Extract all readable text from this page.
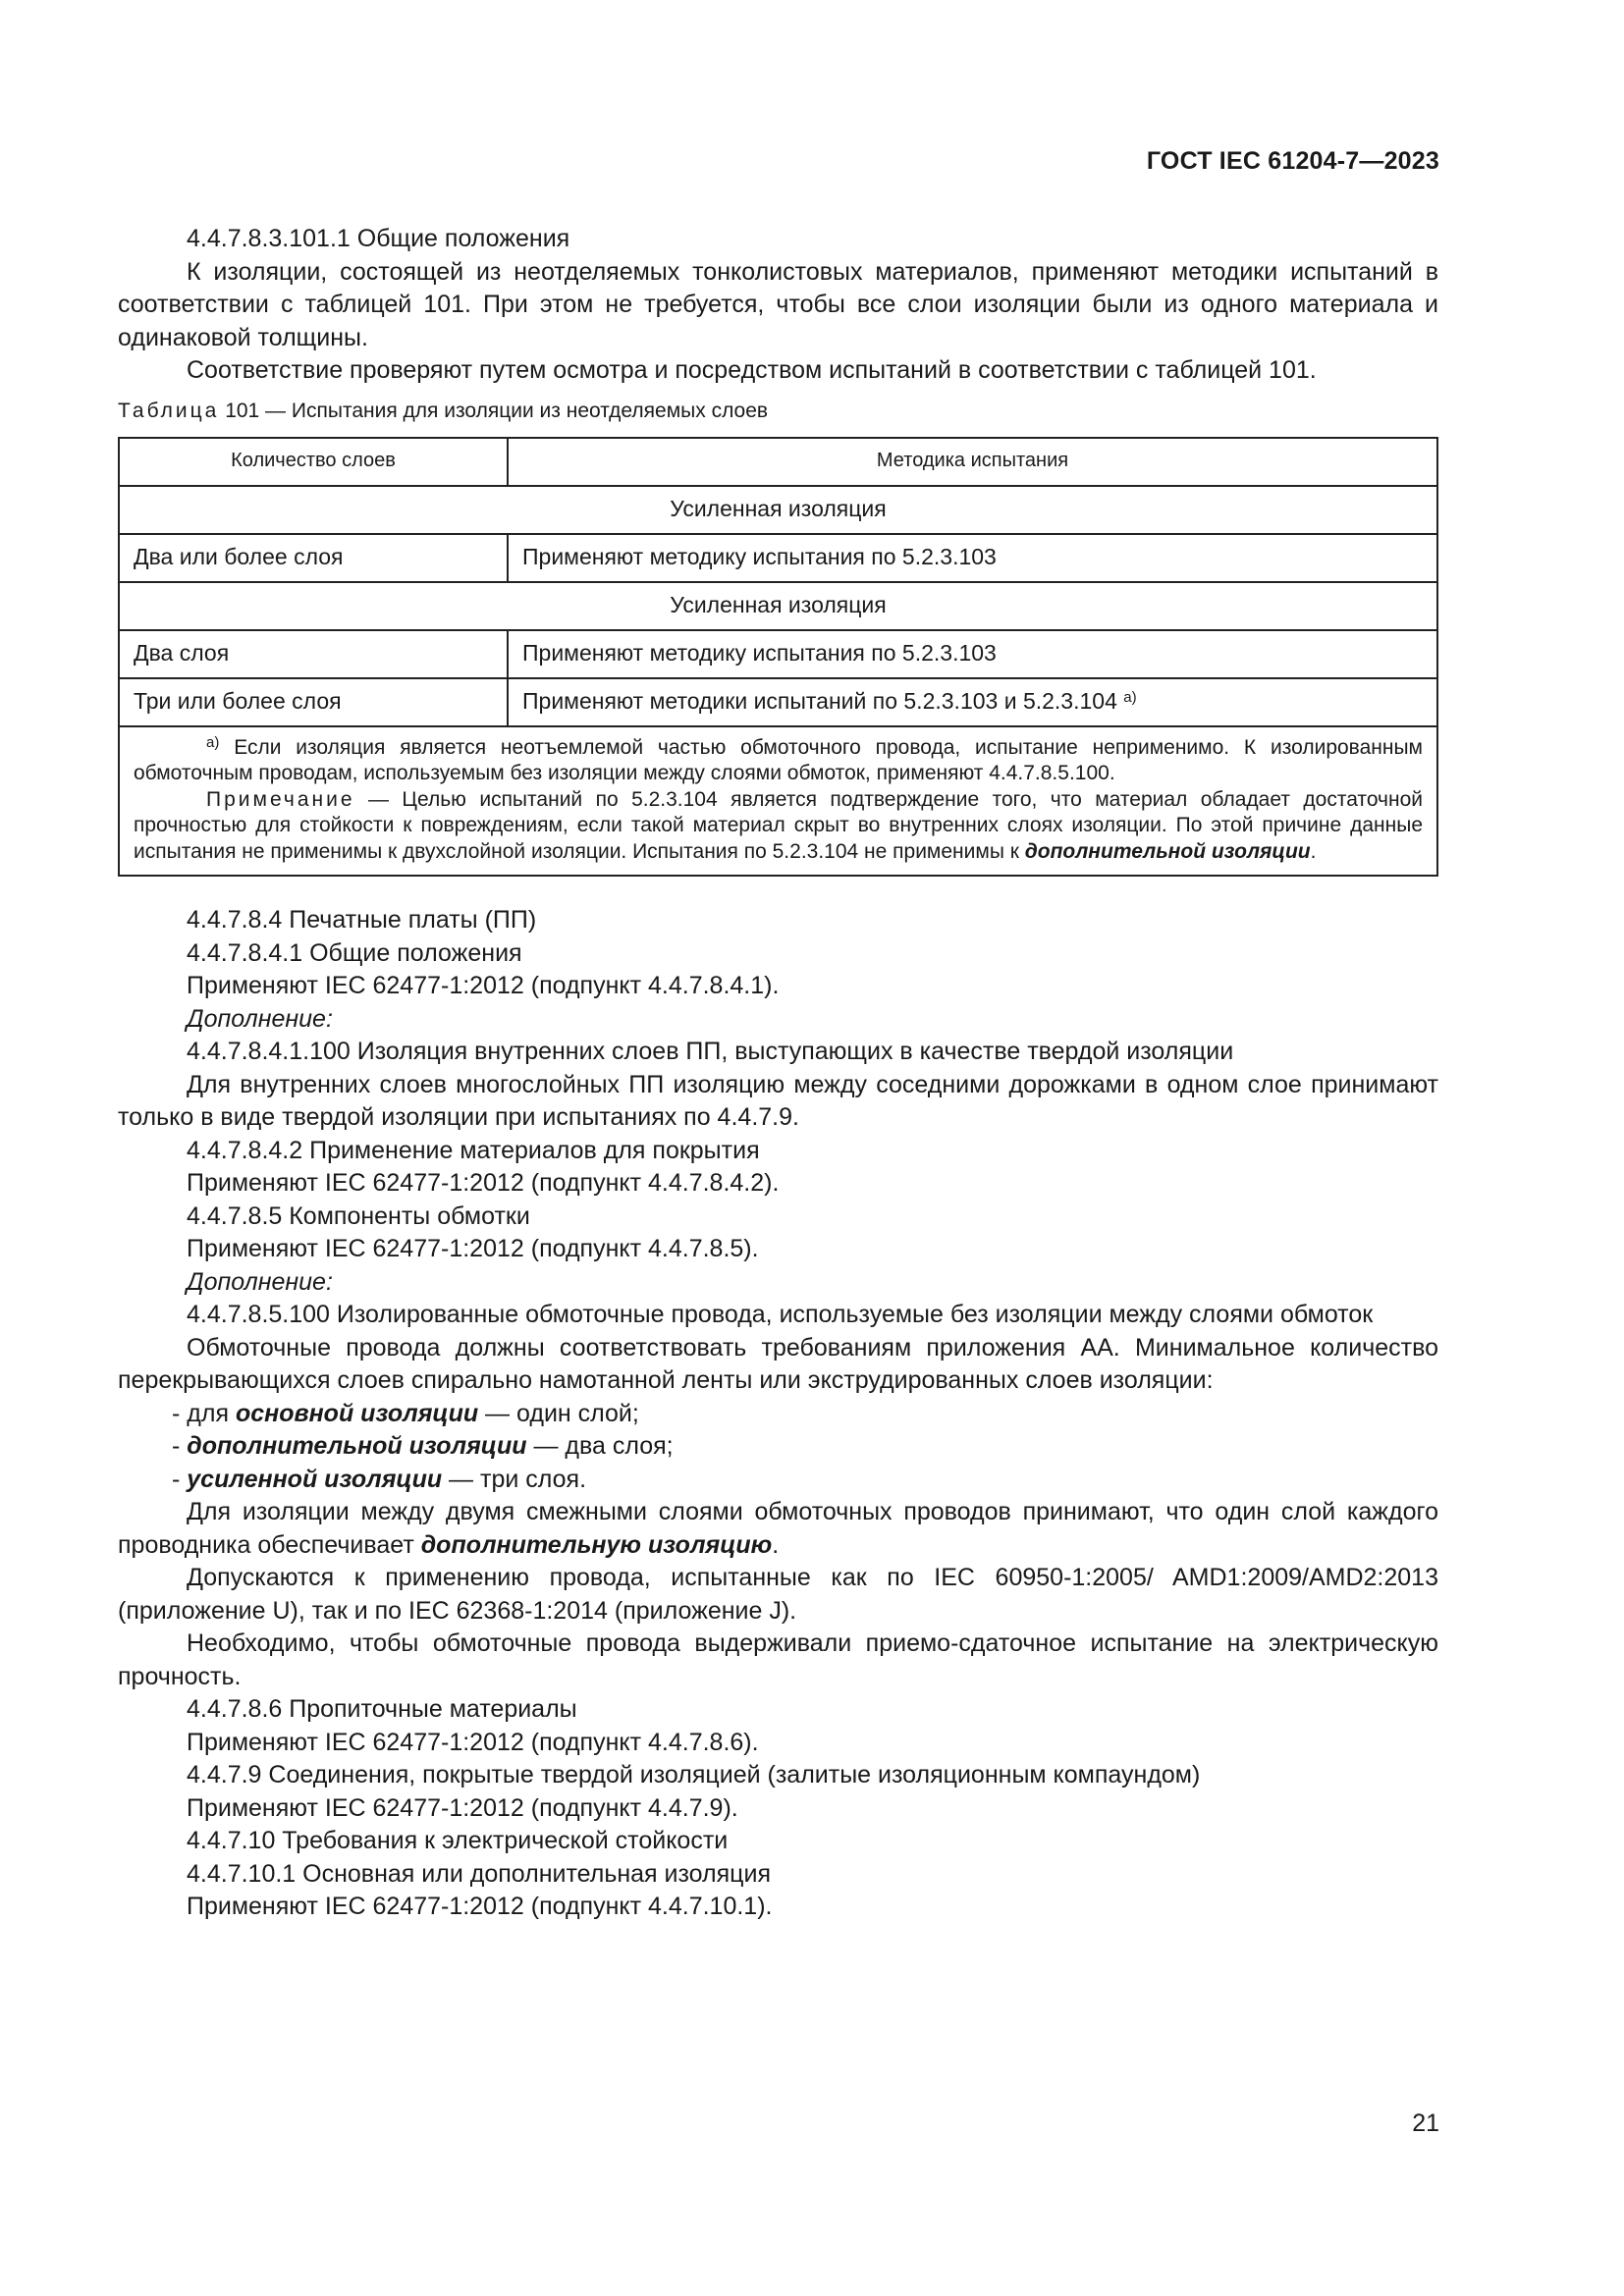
ГОСТ IEC 61204-7—2023

4.4.7.8.3.101.1 Общие положения

К изоляции, состоящей из неотделяемых тонколистовых материалов, применяют методики испытаний в соответствии с таблицей 101. При этом не требуется, чтобы все слои изоляции были из одного материала и одинаковой толщины.

Соответствие проверяют путем осмотра и посредством испытаний в соответствии с таблицей 101.

Таблица 101 — Испытания для изоляции из неотделяемых слоев

Количество слоев	Методика испытания
Усиленная изоляция	
Два или более слоя	Применяют методику испытания по 5.2.3.103
Усиленная изоляция	
Два слоя	Применяют методику испытания по 5.2.3.103
Три или более слоя	Применяют методики испытаний по 5.2.3.103 и 5.2.3.104 $^{а)}$

$^{а)}$ Если изоляция является неотъемлемой частью обмоточного провода, испытание неприменимо. К изолированным обмоточным проводам, используемым без изоляции между слоями обмоток, применяют 4.4.7.8.5.100.

Примечание — Целью испытаний по 5.2.3.104 является подтверждение того, что материал обладает достаточной прочностью для стойкости к повреждениям, если такой материал скрыт во внутренних слоях изоляции. По этой причине данные испытания не применимы к двухслойной изоляции. Испытания по 5.2.3.104 не применимы к дополнительной изоляции.	

4.4.7.8.4 Печатные платы (ПП)

4.4.7.8.4.1 Общие положения

Применяют IEC 62477-1:2012 (подпункт 4.4.7.8.4.1).

Дополнение:

4.4.7.8.4.1.100 Изоляция внутренних слоев ПП, выступающих в качестве твердой изоляции

Для внутренних слоев многослойных ПП изоляцию между соседними дорожками в одном слое принимают только в виде твердой изоляции при испытаниях по 4.4.7.9.

4.4.7.8.4.2 Применение материалов для покрытия

Применяют IEC 62477-1:2012 (подпункт 4.4.7.8.4.2).

4.4.7.8.5 Компоненты обмотки

Применяют IEC 62477-1:2012 (подпункт 4.4.7.8.5).

Дополнение:

4.4.7.8.5.100 Изолированные обмоточные провода, используемые без изоляции между слоями обмоток

Обмоточные провода должны соответствовать требованиям приложения АА. Минимальное количество перекрывающихся слоев спирально намотанной ленты или экструдированных слоев изоляции:

- для основной изоляции — один слой;

- дополнительной изоляции — два слоя;

- усиленной изоляции — три слоя.

Для изоляции между двумя смежными слоями обмоточных проводов принимают, что один слой каждого проводника обеспечивает дополнительную изоляцию.

Допускаются к применению провода, испытанные как по IEC 60950-1:2005/ AMD1:2009/AMD2:2013 (приложение U), так и по IEC 62368-1:2014 (приложение J).

Необходимо, чтобы обмоточные провода выдерживали приемо-сдаточное испытание на электрическую прочность.

4.4.7.8.6 Пропиточные материалы

Применяют IEC 62477-1:2012 (подпункт 4.4.7.8.6).

4.4.7.9 Соединения, покрытые твердой изоляцией (залитые изоляционным компаундом)

Применяют IEC 62477-1:2012 (подпункт 4.4.7.9).

4.4.7.10 Требования к электрической стойкости

4.4.7.10.1 Основная или дополнительная изоляция

Применяют IEC 62477-1:2012 (подпункт 4.4.7.10.1).

21
